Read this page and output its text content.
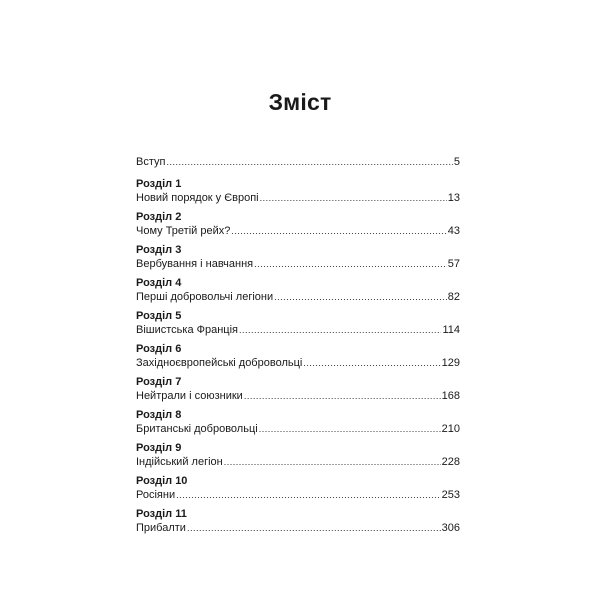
Зміст
Вступ .....	5
Розділ 1
Новий порядок у Європі .....	13
Розділ 2
Чому Третій рейх? .....	43
Розділ 3
Вербування і навчання .....	57
Розділ 4
Перші добровольчі легіони .....	82
Розділ 5
Вішистська Франція .....	114
Розділ 6
Західноєвропейські добровольці .....	129
Розділ 7
Нейтрали і союзники .....	168
Розділ 8
Британські добровольці .....	210
Розділ 9
Індійський легіон .....	228
Розділ 10
Росіяни .....	253
Розділ 11
Прибалти .....	306
